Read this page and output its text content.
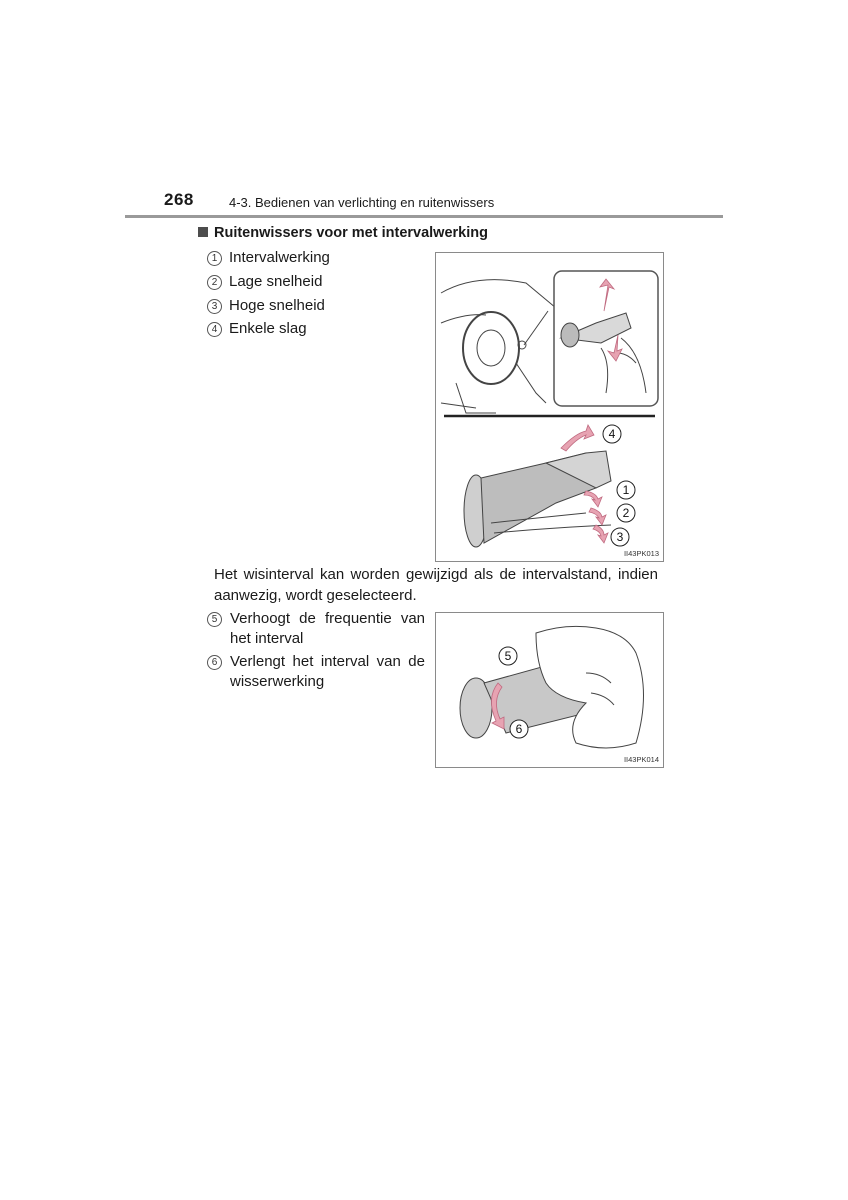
268	4-3. Bedienen van verlichting en ruitenwissers
Ruitenwissers voor met intervalwerking
1 Intervalwerking
2 Lage snelheid
3 Hoge snelheid
4 Enkele slag
4
1
2
3
II43PK013
Het wisinterval kan worden gewijzigd als de intervalstand, indien aanwezig, wordt geselecteerd.
5 Verhoogt de frequentie van
het interval
6 Verlengt het interval van de
wisserwerking
5
6
II43PK014
